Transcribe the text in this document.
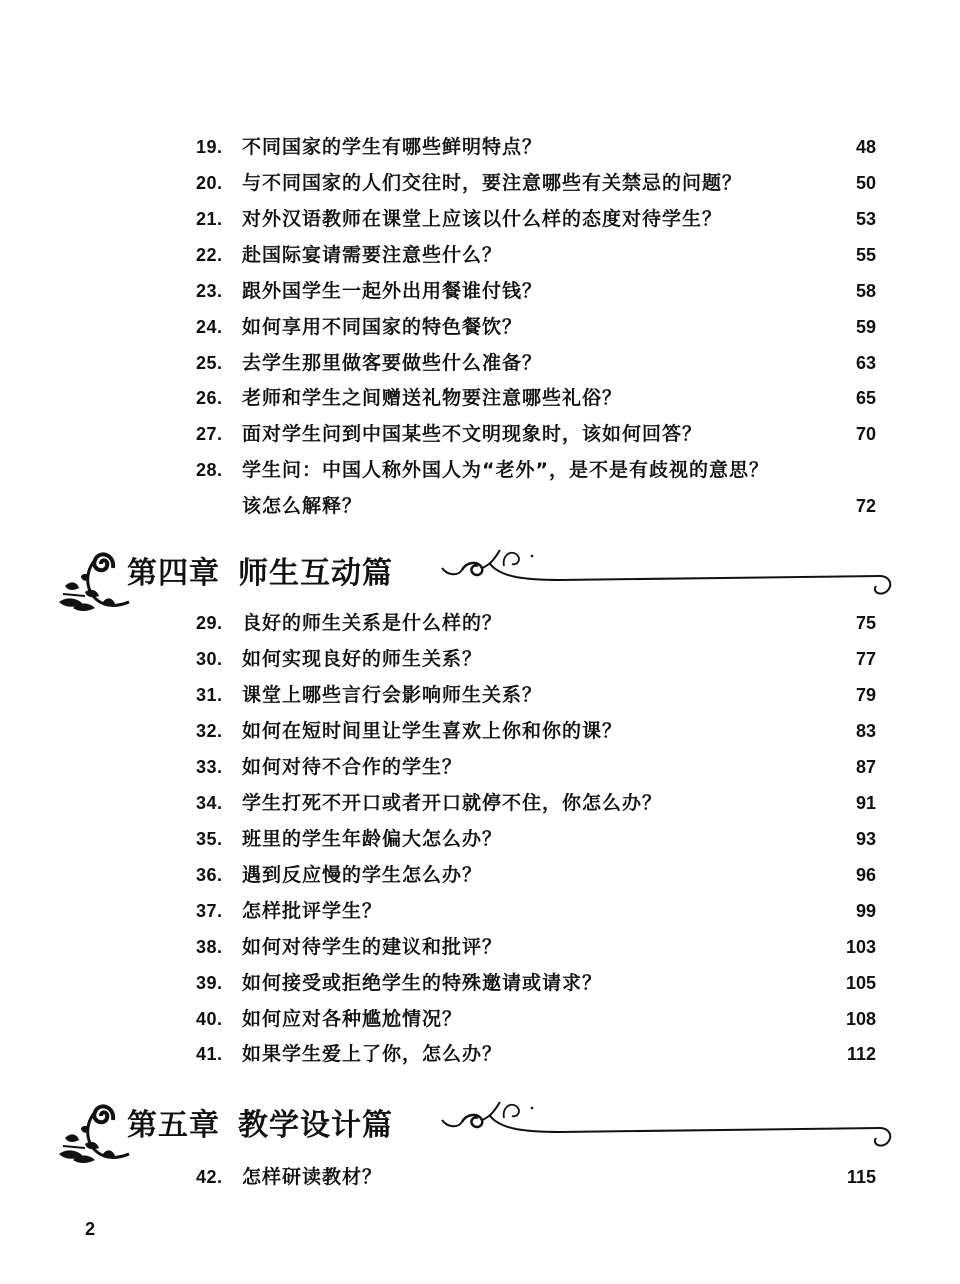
19. 不同国家的学生有哪些鲜明特点？	48
20. 与不同国家的人们交往时，要注意哪些有关禁忌的问题？	50
21. 对外汉语教师在课堂上应该以什么样的态度对待学生？	53
22. 赴国际宴请需要注意些什么？	55
23. 跟外国学生一起外出用餐谁付钱？	58
24. 如何享用不同国家的特色餐饮？	59
25. 去学生那里做客要做些什么准备？	63
26. 老师和学生之间赠送礼物要注意哪些礼俗？	65
27. 面对学生问到中国某些不文明现象时，该如何回答？	70
28. 学生问：中国人称外国人为“老外”，是不是有歧视的意思？
该怎么解释？	72
第四章 师生互动篇
29. 良好的师生关系是什么样的？	75
30. 如何实现良好的师生关系？	77
31. 课堂上哪些言行会影响师生关系？	79
32. 如何在短时间里让学生喜欢上你和你的课？	83
33. 如何对待不合作的学生？	87
34. 学生打死不开口或者开口就停不住，你怎么办？	91
35. 班里的学生年龄偏大怎么办？	93
36. 遇到反应慢的学生怎么办？	96
37. 怎样批评学生？	99
38. 如何对待学生的建议和批评？	103
39. 如何接受或拒绝学生的特殊邀请或请求？	105
40. 如何应对各种尴尬情况？	108
41. 如果学生爱上了你，怎么办？	112
第五章 教学设计篇
42. 怎样研读教材？	115
2
